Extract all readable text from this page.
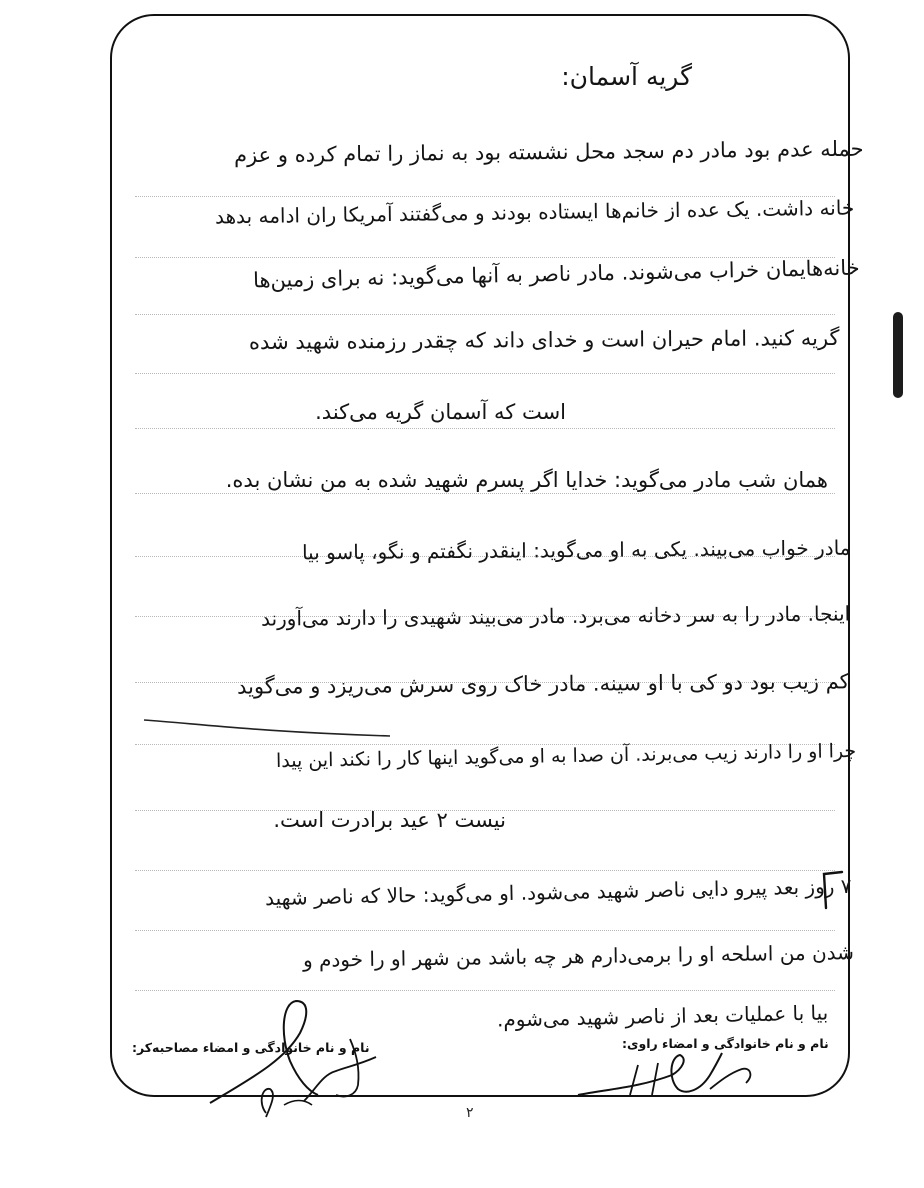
گریه آسمان:
حمله عدم بود مادر دم سجد محل نشسته بود به نماز را تمام کرده و عزم
خانه داشت. یک عده از خانم‌ها ایستاده بودند و می‌گفتند آمریکا ران ادامه بدهد
خانه‌هایمان خراب می‌شوند. مادر ناصر به آنها می‌گوید: نه برای زمین‌ها
گریه کنید. امام حیران است و خدای داند که چقدر رزمنده شهید شده
است که آسمان گریه می‌کند.
همان شب مادر می‌گوید: خدایا اگر پسرم شهید شده به من نشان بده.
مادر خواب می‌بیند. یکی به او می‌گوید: اینقدر نگفتم و نگو، پاسو بیا
اینجا. مادر را به سر دخانه می‌برد. مادر می‌بیند شهیدی را دارند می‌آورند
کم زیب بود دو کی با او سینه. مادر خاک روی سرش می‌ریزد و می‌گوید
چرا او را دارند زیب می‌برند. آن صدا به او می‌گوید اینها کار را نکند این پیدا
نیست ۲ عید برادرت است.
۷ روز بعد پیرو دایی ناصر شهید می‌شود. او می‌گوید: حالا که ناصر شهید
شدن من اسلحه او را برمی‌دارم هر چه باشد من شهر او را خودم و
بیا با عملیات بعد از ناصر شهید می‌شوم.
نام و نام خانوادگی و امضاء مصاحبه‌کر:	نام و نام خانوادگی و امضاء راوی:
۲
